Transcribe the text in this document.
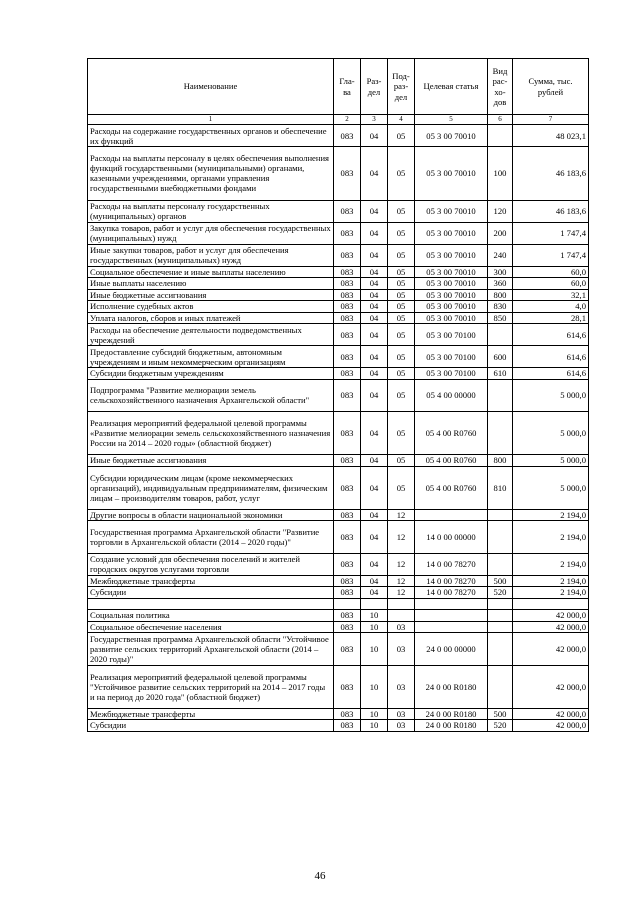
Наименование	Гла-ва	Раз-дел	Под-раз-дел	Целевая статья	Вид рас-хо-дов	Сумма, тыс. рублей
1	2	3	4	5	6	7
Расходы на содержание государственных органов и обеспечение их функций	083	04	05	05 3 00 70010		48 023,1
Расходы на выплаты персоналу в целях обеспечения выполнения функций государственными (муниципальными) органами, казенными учреждениями, органами управления государственными внебюджетными фондами	083	04	05	05 3 00 70010	100	46 183,6
Расходы на выплаты персоналу государственных (муниципальных) органов	083	04	05	05 3 00 70010	120	46 183,6
Закупка товаров, работ и услуг для обеспечения государственных (муниципальных) нужд	083	04	05	05 3 00 70010	200	1 747,4
Иные закупки товаров, работ и услуг для обеспечения государственных (муниципальных) нужд	083	04	05	05 3 00 70010	240	1 747,4
Социальное обеспечение и иные выплаты населению	083	04	05	05 3 00 70010	300	60,0
Иные выплаты населению	083	04	05	05 3 00 70010	360	60,0
Иные бюджетные ассигнования	083	04	05	05 3 00 70010	800	32,1
Исполнение судебных актов	083	04	05	05 3 00 70010	830	4,0
Уплата налогов, сборов и иных платежей	083	04	05	05 3 00 70010	850	28,1
Расходы на обеспечение деятельности подведомственных учреждений	083	04	05	05 3 00 70100		614,6
Предоставление субсидий бюджетным, автономным учреждениям и иным некоммерческим организациям	083	04	05	05 3 00 70100	600	614,6
Субсидии бюджетным учреждениям	083	04	05	05 3 00 70100	610	614,6
Подпрограмма "Развитие мелиорации земель сельскохозяйственного назначения Архангельской области"	083	04	05	05 4 00 00000		5 000,0
Реализация мероприятий федеральной целевой программы «Развитие мелиорации земель сельскохозяйственного назначения России на 2014 – 2020 годы» (областной бюджет)	083	04	05	05 4 00 R0760		5 000,0
Иные бюджетные ассигнования	083	04	05	05 4 00 R0760	800	5 000,0
Субсидии юридическим лицам (кроме некоммерческих организаций), индивидуальным предпринимателям, физическим лицам – производителям товаров, работ, услуг	083	04	05	05 4 00 R0760	810	5 000,0
Другие вопросы в области национальной экономики	083	04	12			2 194,0
Государственная программа Архангельской области "Развитие торговли в Архангельской области (2014 – 2020 годы)"	083	04	12	14 0 00 00000		2 194,0
Создание условий для обеспечения поселений и жителей городских округов услугами торговли	083	04	12	14 0 00 78270		2 194,0
Межбюджетные трансферты	083	04	12	14 0 00 78270	500	2 194,0
Субсидии	083	04	12	14 0 00 78270	520	2 194,0

Социальная политика	083	10				42 000,0
Социальное обеспечение населения	083	10	03			42 000,0
Государственная программа Архангельской области "Устойчивое развитие сельских территорий Архангельской области (2014 – 2020 годы)"	083	10	03	24 0 00 00000		42 000,0
Реализация мероприятий федеральной целевой программы "Устойчивое развитие сельских территорий на 2014 – 2017 годы и на период до 2020 года" (областной бюджет)	083	10	03	24 0 00 R0180		42 000,0
Межбюджетные трансферты	083	10	03	24 0 00 R0180	500	42 000,0
Субсидии	083	10	03	24 0 00 R0180	520	42 000,0
46
